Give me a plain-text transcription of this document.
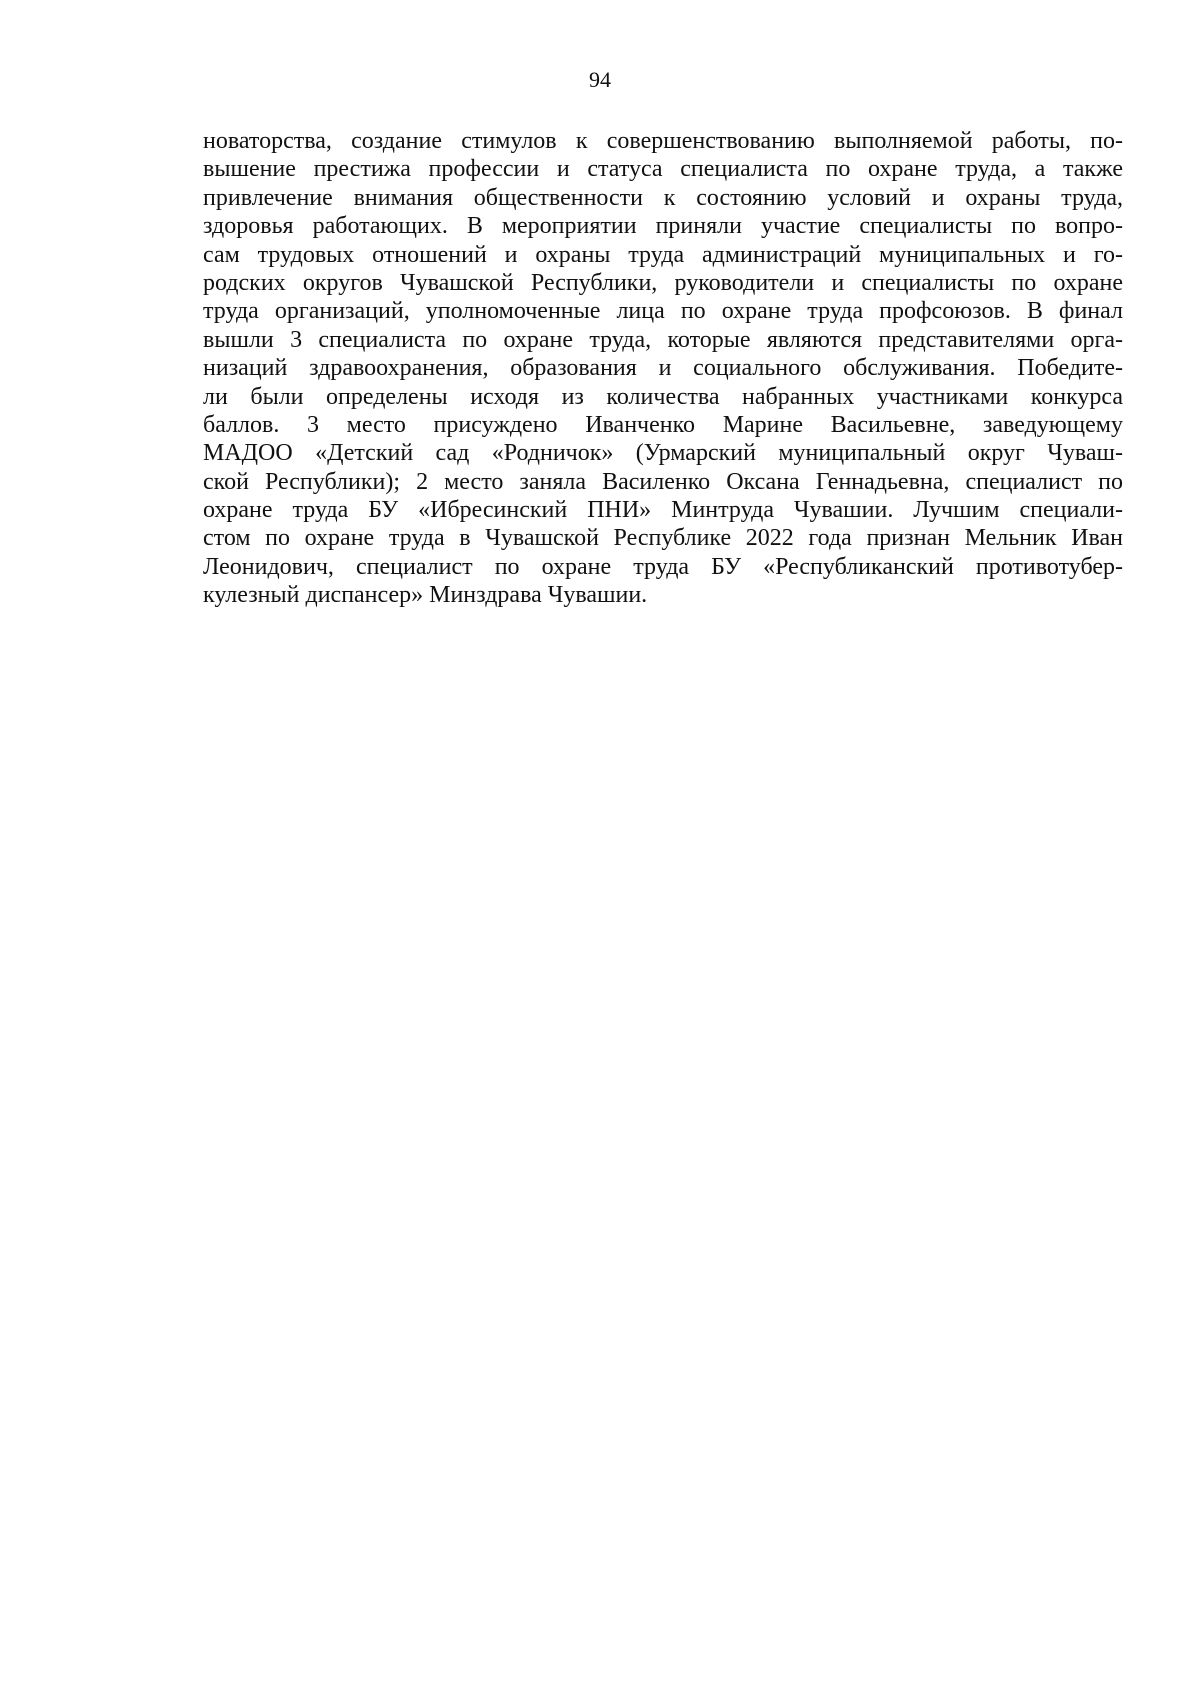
94
новаторства, создание стимулов к совершенствованию выполняемой работы, по-
вышение престижа профессии и статуса специалиста по охране труда, а также
привлечение внимания общественности к состоянию условий и охраны труда,
здоровья работающих. В мероприятии приняли участие специалисты по вопро-
сам трудовых отношений и охраны труда администраций муниципальных и го-
родских округов Чувашской Республики, руководители и специалисты по охране
труда организаций, уполномоченные лица по охране труда профсоюзов. В финал
вышли 3 специалиста по охране труда, которые являются представителями орга-
низаций здравоохранения, образования и социального обслуживания. Победите-
ли были определены исходя из количества набранных участниками конкурса
баллов. 3 место присуждено Иванченко Марине Васильевне, заведующему
МАДОО «Детский сад «Родничок» (Урмарский муниципальный округ Чуваш-
ской Республики); 2 место заняла Василенко Оксана Геннадьевна, специалист по
охране труда БУ «Ибресинский ПНИ» Минтруда Чувашии. Лучшим специали-
стом по охране труда в Чувашской Республике 2022 года признан Мельник Иван
Леонидович, специалист по охране труда БУ «Республиканский противотубер-
кулезный диспансер» Минздрава Чувашии.
